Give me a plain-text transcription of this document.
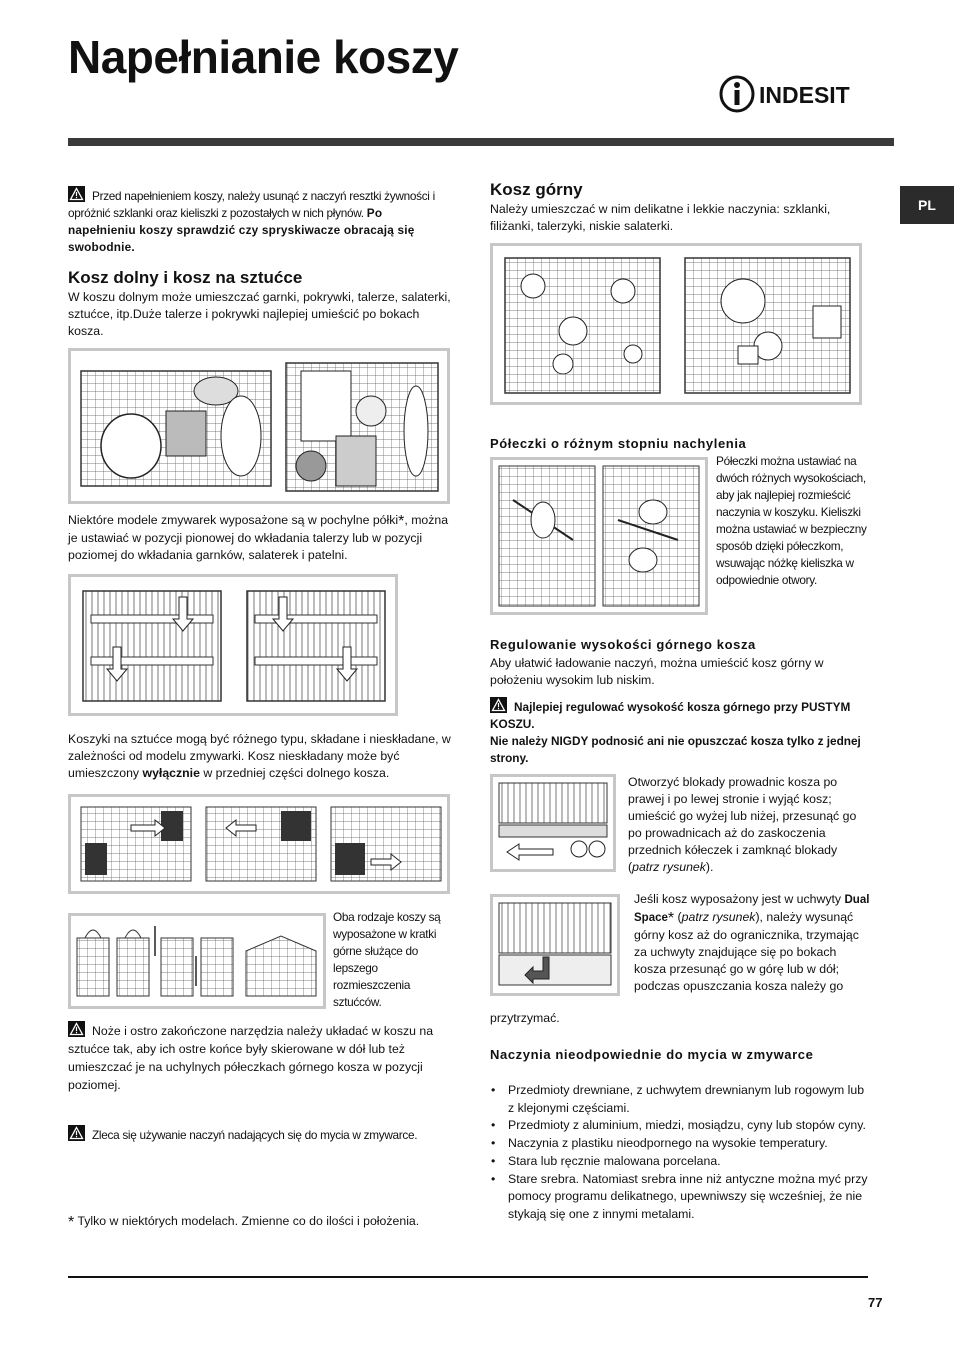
Napełnianie koszy
INDESIT
PL

Przed napełnieniem koszy, należy usunąć z naczyń resztki żywności i opróżnić szklanki oraz kieliszki z pozostałych w nich płynów. Po napełnieniu koszy sprawdzić czy spryskiwacze obracają się swobodnie.

Kosz dolny i kosz na sztućce

W koszu dolnym może umieszczać garnki, pokrywki, talerze, salaterki, sztućce, itp.Duże talerze i pokrywki najlepiej umieścić po bokach kosza.

Niektóre modele zmywarek wyposażone są w pochylne półki*, można je ustawiać w pozycji pionowej do wkładania talerzy lub w pozycji poziomej do wkładania garnków, salaterek i patelni.

Koszyki na sztućce mogą być różnego typu, składane i nieskładane, w zależności od modelu zmywarki. Kosz nieskładany może być umieszczony wyłącznie w przedniej części dolnego kosza.

Oba rodzaje koszy są wyposażone w kratki górne służące do lepszego rozmieszczenia sztućców.

Noże i ostro zakończone narzędzia należy układać w koszu na sztućce tak, aby ich ostre końce były skierowane w dół lub też umieszczać je na uchylnych półeczkach górnego kosza w pozycji poziomej.

Zleca się używanie naczyń nadających się do mycia w zmywarce.

* Tylko w niektórych modelach. Zmienne co do ilości i położenia.

Kosz górny

Należy umieszczać w nim delikatne i lekkie naczynia: szklanki, filiżanki, talerzyki, niskie salaterki.

Półeczki o różnym stopniu nachylenia

Półeczki można ustawiać na dwóch różnych wysokościach, aby jak najlepiej rozmieścić naczynia w koszyku. Kieliszki można ustawiać w bezpieczny sposób dzięki półeczkom, wsuwając nóżkę kieliszka w odpowiednie otwory.

Regulowanie wysokości górnego kosza

Aby ułatwić ładowanie naczyń, można umieścić kosz górny w położeniu wysokim lub niskim.

Najlepiej regulować wysokość kosza górnego przy PUSTYM KOSZU.

Nie należy NIGDY podnosić ani nie opuszczać kosza tylko z jednej strony.

Otworzyć blokady prowadnic kosza po prawej i po lewej stronie i wyjąć kosz; umieścić go wyżej lub niżej, przesunąć go po prowadnicach aż do zaskoczenia przednich kółeczek i zamknąć blokady (patrz rysunek).

Jeśli kosz wyposażony jest w uchwyty Dual Space* (patrz rysunek), należy wysunąć górny kosz aż do ogranicznika, trzymając za uchwyty znajdujące się po bokach kosza przesunąć go w górę lub w dół; podczas opuszczania kosza należy go

przytrzymać.

Naczynia nieodpowiednie do mycia w zmywarce
• Przedmioty drewniane, z uchwytem drewnianym lub rogowym lub z klejonymi częściami.
• Przedmioty z aluminium, miedzi, mosiądzu, cyny lub stopów cyny.
• Naczynia z plastiku nieodpornego na wysokie temperatury.
• Stara lub ręcznie malowana porcelana.
• Stare srebra. Natomiast srebra inne niż antyczne można myć przy pomocy programu delikatnego, upewniwszy się wcześniej, że nie stykają się one z innymi metalami.
77
